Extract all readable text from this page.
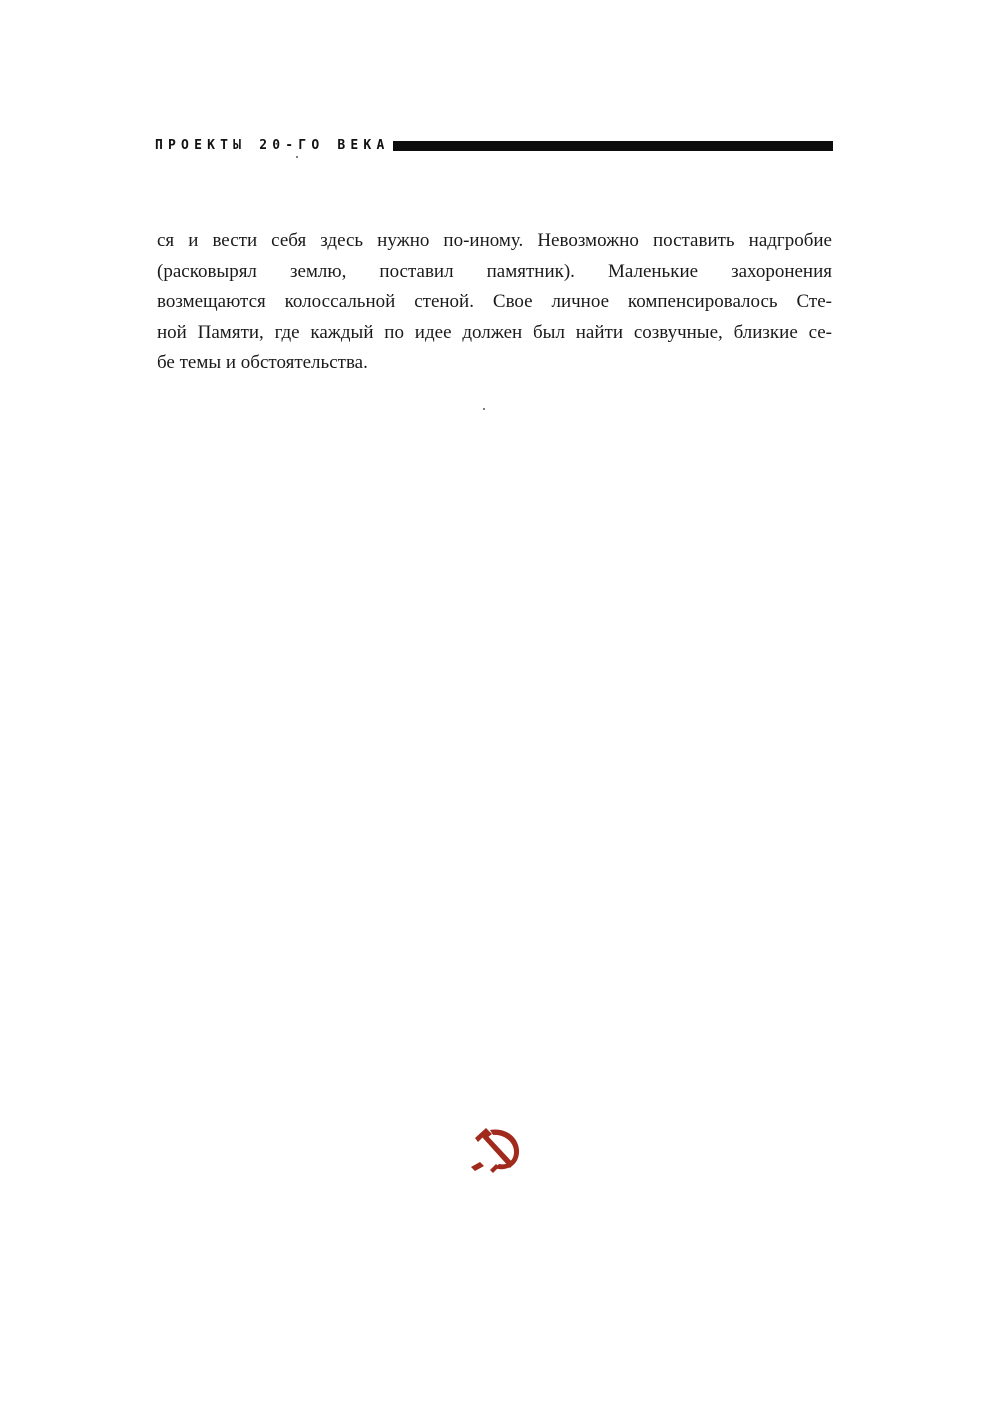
ПРОЕКТЫ 20-ГО ВЕКА
ся и вести себя здесь нужно по-иному. Невозможно поставить надгробие
(расковырял землю, поставил памятник). Маленькие захоронения
возмещаются колоссальной стеной. Свое личное компенсировалось Сте-
ной Памяти, где каждый по идее должен был найти созвучные, близкие се-
бе темы и обстоятельства.
